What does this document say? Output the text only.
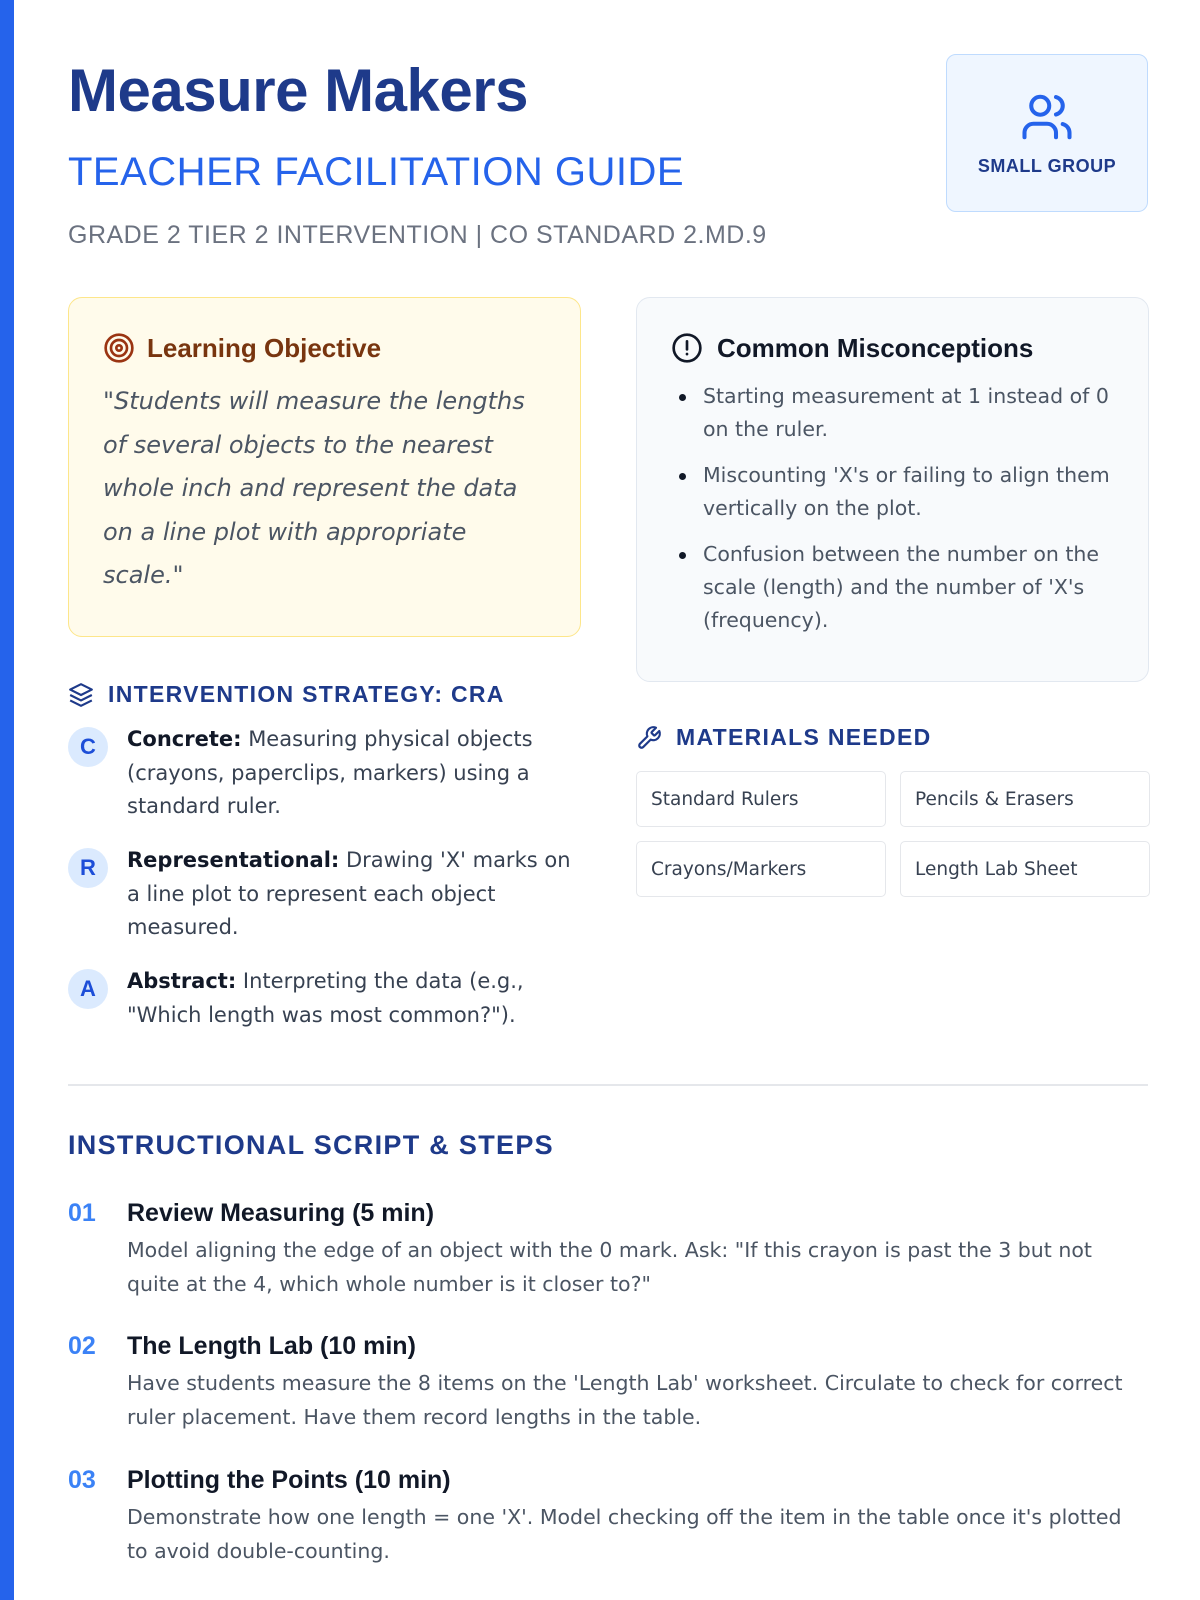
Measure Makers
TEACHER FACILITATION GUIDE
GRADE 2 TIER 2 INTERVENTION | CO STANDARD 2.MD.9
SMALL GROUP
Learning Objective

"Students will measure the lengths of several objects to the nearest whole inch and represent the data on a line plot with appropriate scale."

Common Misconceptions
Starting measurement at 1 instead of 0 on the ruler.
Miscounting 'X's or failing to align them vertically on the plot.
Confusion between the number on the scale (length) and the number of 'X's (frequency).
INTERVENTION STRATEGY: CRA
C	Concrete: Measuring physical objects (crayons, paperclips, markers) using a standard ruler.
R	Representational: Drawing 'X' marks on a line plot to represent each object measured.
A	Abstract: Interpreting the data (e.g., "Which length was most common?").
MATERIALS NEEDED
Standard Rulers	Pencils & Erasers
Crayons/Markers	Length Lab Sheet
INSTRUCTIONAL SCRIPT & STEPS
01	Review Measuring (5 min)
Model aligning the edge of an object with the 0 mark. Ask: "If this crayon is past the 3 but not quite at the 4, which whole number is it closer to?"
02	The Length Lab (10 min)
Have students measure the 8 items on the 'Length Lab' worksheet. Circulate to check for correct ruler placement. Have them record lengths in the table.
03	Plotting the Points (10 min)
Demonstrate how one length = one 'X'. Model checking off the item in the table once it's plotted to avoid double-counting.
